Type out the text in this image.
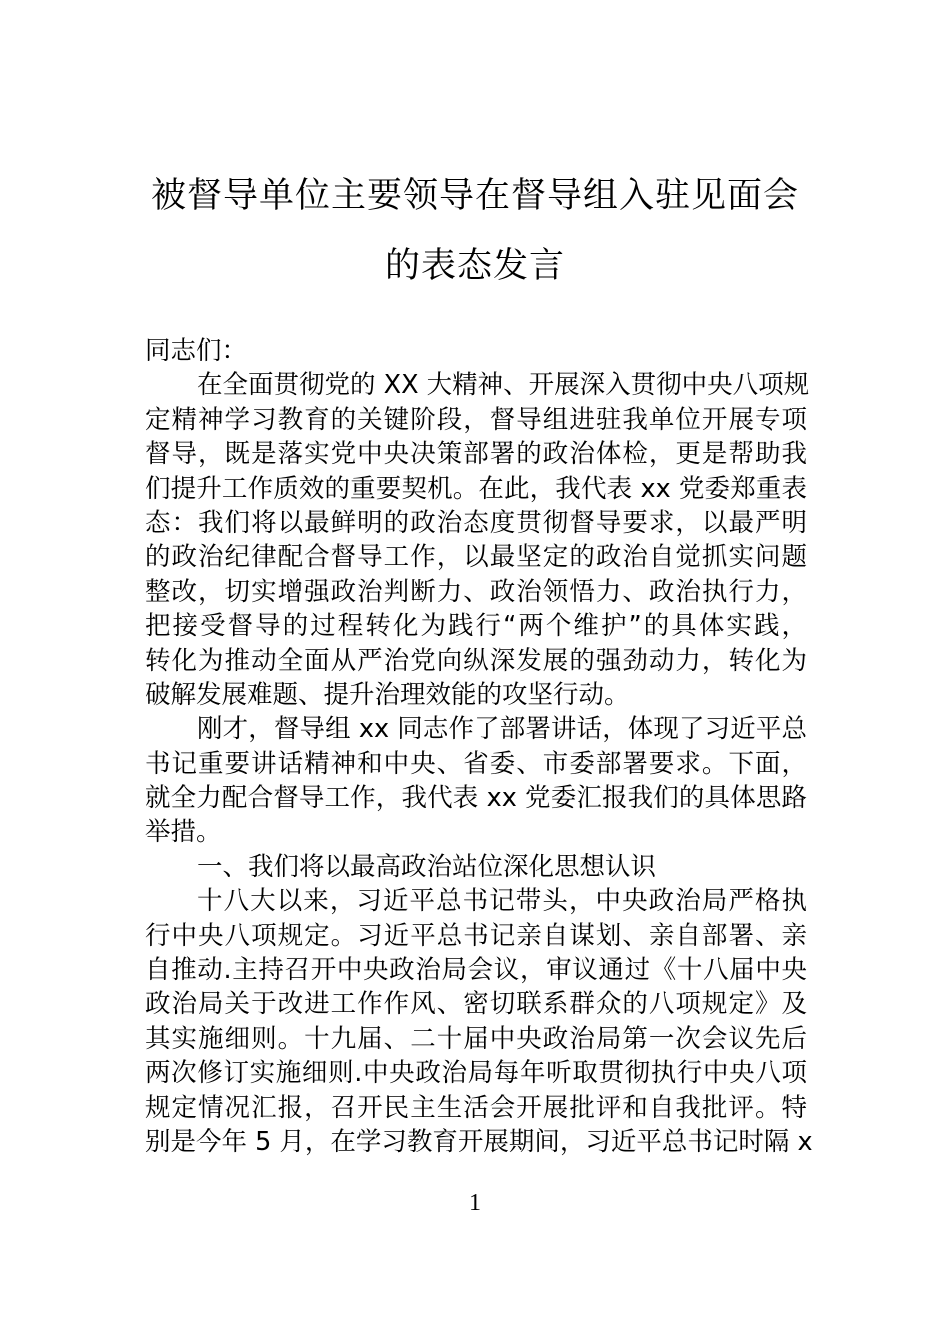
被督导单位主要领导在督导组入驻见面会
的表态发言
同志们：
在全面贯彻党的 XX 大精神、开展深入贯彻中央八项规
定精神学习教育的关键阶段，督导组进驻我单位开展专项
督导，既是落实党中央决策部署的政治体检，更是帮助我
们提升工作质效的重要契机。在此，我代表 xx 党委郑重表
态：我们将以最鲜明的政治态度贯彻督导要求，以最严明
的政治纪律配合督导工作，以最坚定的政治自觉抓实问题
整改，切实增强政治判断力、政治领悟力、政治执行力，
把接受督导的过程转化为践行“两个维护”的具体实践，
转化为推动全面从严治党向纵深发展的强劲动力，转化为
破解发展难题、提升治理效能的攻坚行动。
刚才，督导组 xx 同志作了部署讲话，体现了习近平总
书记重要讲话精神和中央、省委、市委部署要求。下面，
就全力配合督导工作，我代表 xx 党委汇报我们的具体思路
举措。
一、我们将以最高政治站位深化思想认识
十八大以来，习近平总书记带头，中央政治局严格执
行中央八项规定。习近平总书记亲自谋划、亲自部署、亲
自推动.主持召开中央政治局会议，审议通过《十八届中央
政治局关于改进工作作风、密切联系群众的八项规定》及
其实施细则。十九届、二十届中央政治局第一次会议先后
两次修订实施细则.中央政治局每年听取贯彻执行中央八项
规定情况汇报，召开民主生活会开展批评和自我批评。特
别是今年 5 月，在学习教育开展期间，习近平总书记时隔 x
1
